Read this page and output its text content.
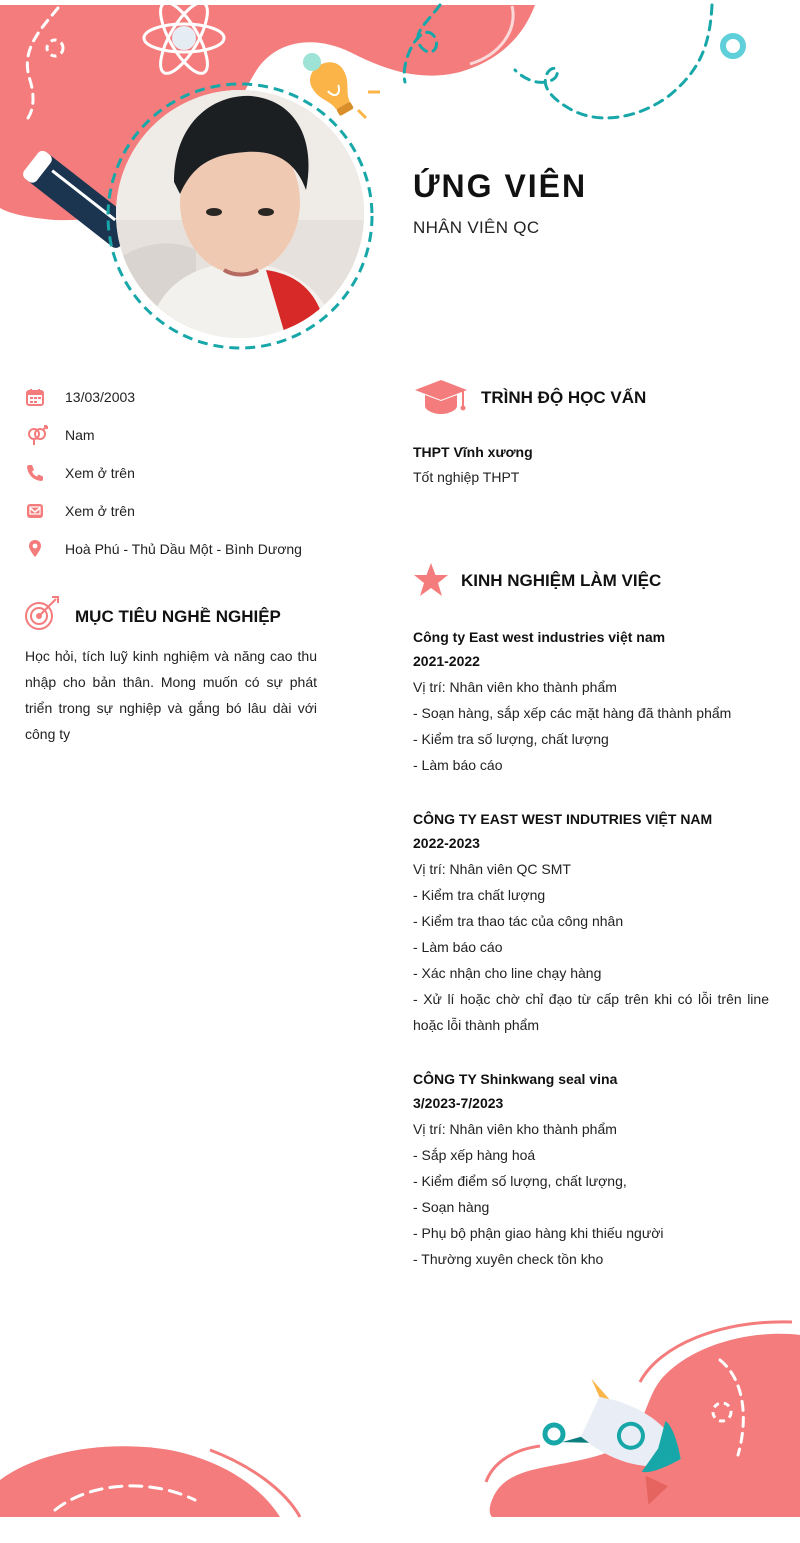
ỨNG VIÊN
NHÂN VIÊN QC
13/03/2003
Nam
Xem ở trên
Xem ở trên
Hoà Phú - Thủ Dầu Một - Bình Dương
MỤC TIÊU NGHỀ NGHIỆP
Học hỏi, tích luỹ kinh nghiệm và năng cao thu nhập cho bản thân. Mong muốn có sự phát triển trong sự nghiệp và gắng bó lâu dài với công ty
TRÌNH ĐỘ HỌC VẤN
THPT Vĩnh xương
Tốt nghiệp THPT
KINH NGHIỆM LÀM VIỆC
Công ty East west industries việt nam
2021-2022
Vị trí: Nhân viên kho thành phẩm
- Soạn hàng, sắp xếp các mặt hàng đã thành phẩm
- Kiểm tra số lượng, chất lượng
- Làm báo cáo
CÔNG TY EAST WEST INDUTRIES VIỆT NAM
2022-2023
Vị trí: Nhân viên QC SMT
- Kiểm tra chất lượng
- Kiểm tra thao tác của công nhân
- Làm báo cáo
- Xác nhận cho line chạy hàng
- Xử lí hoặc chờ chỉ đạo từ cấp trên khi có lỗi trên line hoặc lỗi thành phẩm
CÔNG TY Shinkwang seal vina
3/2023-7/2023
Vị trí: Nhân viên kho thành phẩm
- Sắp xếp hàng hoá
- Kiểm điểm số lượng, chất lượng,
- Soạn hàng
- Phụ bộ phận giao hàng khi thiếu người
- Thường xuyên check tồn kho
